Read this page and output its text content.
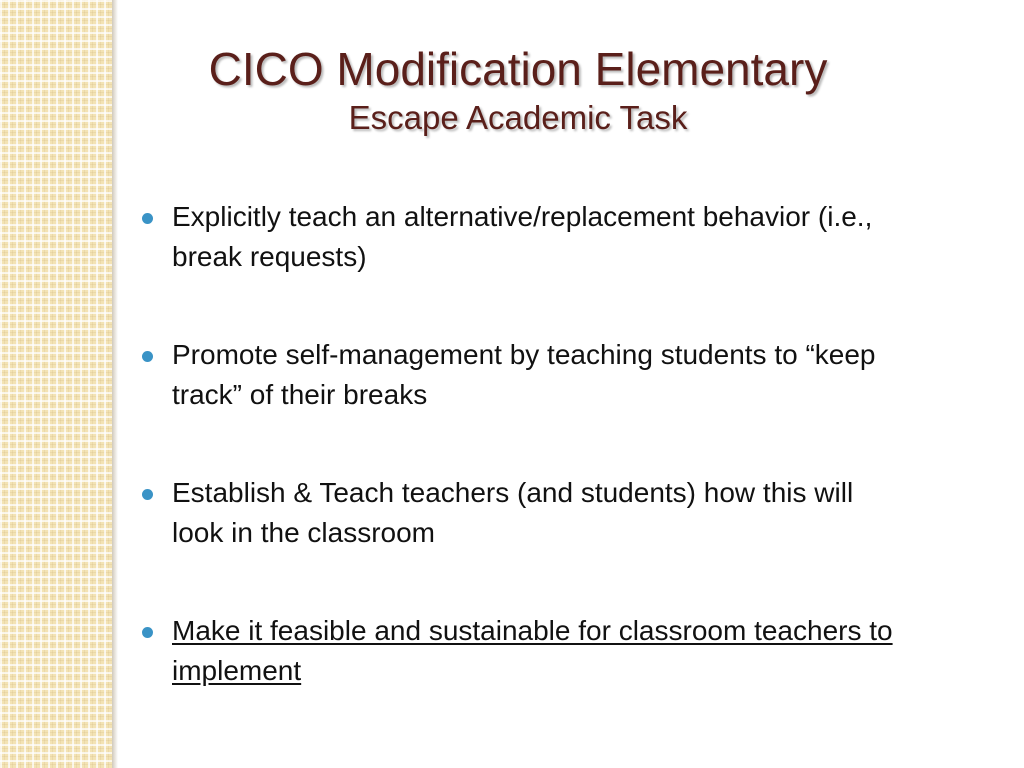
CICO Modification Elementary
Escape Academic Task
Explicitly teach an alternative/replacement behavior (i.e., break requests)
Promote self-management by teaching students to “keep track” of their breaks
Establish & Teach teachers (and students) how this will look in the classroom
Make it feasible and sustainable for classroom teachers to implement
